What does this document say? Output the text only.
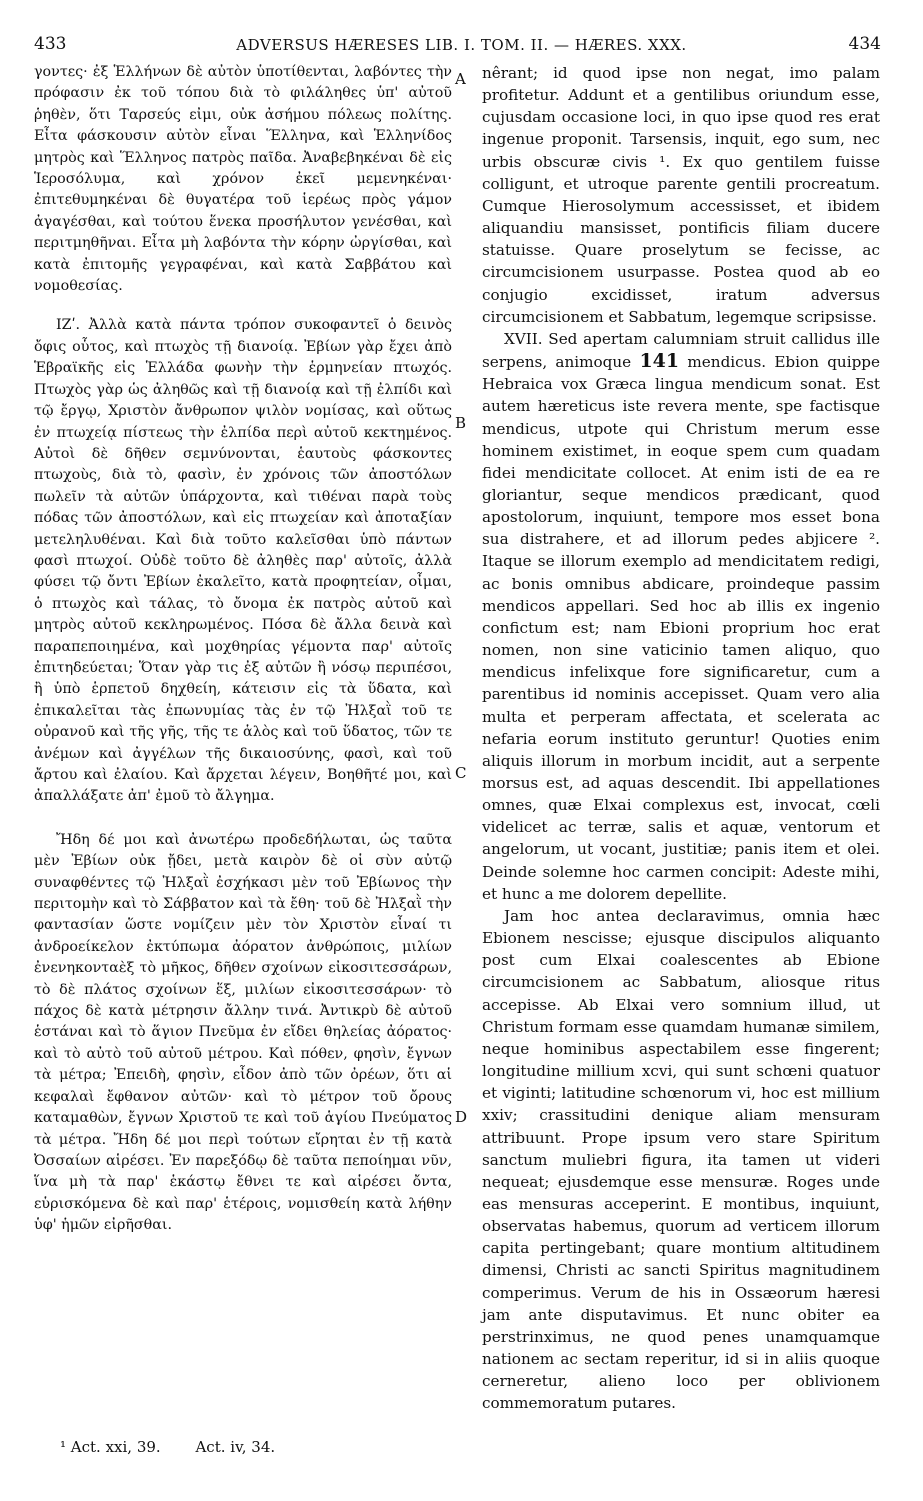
433	ADVERSUS HÆRESES LIB. I. TOM. II. — HÆRES. XXX.	434

γοντες· ἐξ Ἑλλήνων δὲ αὐτὸν ὑποτίθενται, λαβόντες τὴν πρόφασιν ἐκ τοῦ τόπου διὰ τὸ φιλάληθες ὑπ' αὐτοῦ ῥηθὲν, ὅτι Ταρσεύς εἰμι, οὐκ ἀσήμου πόλεως πολίτης. Εἶτα φάσκουσιν αὐτὸν εἶναι Ἕλληνα, καὶ Ἑλληνίδος μητρὸς καὶ Ἕλληνος πατρὸς παῖδα. Ἀναβεβηκέναι δὲ εἰς Ἱεροσόλυμα, καὶ χρόνον ἐκεῖ μεμενηκέναι· ἐπιτεθυμηκέναι δὲ θυγατέρα τοῦ ἱερέως πρὸς γάμον ἀγαγέσθαι, καὶ τούτου ἕνεκα προσήλυτον γενέσθαι, καὶ περιτμηθῆναι. Εἶτα μὴ λαβόντα τὴν κόρην ὠργίσθαι, καὶ κατὰ ἐπιτομῆς γεγραφέναι, καὶ κατὰ Σαββάτου καὶ νομοθεσίας.

ΙΖʹ. Ἀλλὰ κατὰ πάντα τρόπον συκοφαντεῖ ὁ δεινὸς ὄφις οὗτος, καὶ πτωχὸς τῇ διανοίᾳ. Ἐβίων γὰρ ἔχει ἀπὸ Ἑβραϊκῆς εἰς Ἑλλάδα φωνὴν τὴν ἑρμηνείαν πτωχός. Πτωχὸς γὰρ ὡς ἀληθῶς καὶ τῇ διανοίᾳ καὶ τῇ ἐλπίδι καὶ τῷ ἔργῳ, Χριστὸν ἄνθρωπον ψιλὸν νομίσας, καὶ οὕτως ἐν πτωχείᾳ πίστεως τὴν ἐλπίδα περὶ αὐτοῦ κεκτημένος. Αὐτοὶ δὲ δῆθεν σεμνύνονται, ἑαυτοὺς φάσκοντες πτωχοὺς, διὰ τὸ, φασὶν, ἐν χρόνοις τῶν ἀποστόλων πωλεῖν τὰ αὐτῶν ὑπάρχοντα, καὶ τιθέναι παρὰ τοὺς πόδας τῶν ἀποστόλων, καὶ εἰς πτωχείαν καὶ ἀποταξίαν μετεληλυθέναι. Καὶ διὰ τοῦτο καλεῖσθαι ὑπὸ πάντων φασὶ πτωχοί. Οὐδὲ τοῦτο δὲ ἀληθὲς παρ' αὐτοῖς, ἀλλὰ φύσει τῷ ὄντι Ἐβίων ἐκαλεῖτο, κατὰ προφητείαν, οἶμαι, ὁ πτωχὸς καὶ τάλας, τὸ ὄνομα ἐκ πατρὸς αὐτοῦ καὶ μητρὸς αὐτοῦ κεκληρωμένος. Πόσα δὲ ἄλλα δεινὰ καὶ παραπεποιημένα, καὶ μοχθηρίας γέμοντα παρ' αὐτοῖς ἐπιτηδεύεται; Ὅταν γὰρ τις ἐξ αὐτῶν ἢ νόσῳ περιπέσοι, ἢ ὑπὸ ἑρπετοῦ δηχθείη, κάτεισιν εἰς τὰ ὕδατα, καὶ ἐπικαλεῖται τὰς ἐπωνυμίας τὰς ἐν τῷ Ἠλξαῒ τοῦ τε οὐρανοῦ καὶ τῆς γῆς, τῆς τε ἁλὸς καὶ τοῦ ὕδατος, τῶν τε ἀνέμων καὶ ἀγγέλων τῆς δικαιοσύνης, φασὶ, καὶ τοῦ ἄρτου καὶ ἐλαίου. Καὶ ἄρχεται λέγειν, Βοηθῆτέ μοι, καὶ ἀπαλλάξατε ἀπ' ἐμοῦ τὸ ἄλγημα.

Ἤδη δέ μοι καὶ ἀνωτέρω προδεδήλωται, ὡς ταῦτα μὲν Ἐβίων οὐκ ᾔδει, μετὰ καιρὸν δὲ οἱ σὺν αὐτῷ συναφθέντες τῷ Ἠλξαῒ ἐσχήκασι μὲν τοῦ Ἐβίωνος τὴν περιτομὴν καὶ τὸ Σάββατον καὶ τὰ ἔθη· τοῦ δὲ Ἠλξαῒ τὴν φαντασίαν ὥστε νομίζειν μὲν τὸν Χριστὸν εἶναί τι ἀνδροείκελον ἐκτύπωμα ἀόρατον ἀνθρώποις, μιλίων ἐνενηκονταὲξ τὸ μῆκος, δῆθεν σχοίνων εἰκοσιτεσσάρων, τὸ δὲ πλάτος σχοίνων ἕξ, μιλίων εἰκοσιτεσσάρων· τὸ πάχος δὲ κατὰ μέτρησιν ἄλλην τινά. Ἀντικρὺ δὲ αὐτοῦ ἑστάναι καὶ τὸ ἅγιον Πνεῦμα ἐν εἴδει θηλείας ἀόρατος· καὶ τὸ αὐτὸ τοῦ αὐτοῦ μέτρου. Καὶ πόθεν, φησὶν, ἔγνων τὰ μέτρα; Ἐπειδὴ, φησὶν, εἶδον ἀπὸ τῶν ὀρέων, ὅτι αἱ κεφαλαὶ ἔφθανον αὐτῶν· καὶ τὸ μέτρον τοῦ ὄρους καταμαθὼν, ἔγνων Χριστοῦ τε καὶ τοῦ ἁγίου Πνεύματος τὰ μέτρα. Ἤδη δέ μοι περὶ τούτων εἴρηται ἐν τῇ κατὰ Ὀσσαίων αἱρέσει. Ἐν παρεξόδῳ δὲ ταῦτα πεποίημαι νῦν, ἵνα μὴ τὰ παρ' ἑκάστῳ ἔθνει τε καὶ αἱρέσει ὄντα, εὑρισκόμενα δὲ καὶ παρ' ἑτέροις, νομισθείη κατὰ λήθην ὑφ' ἡμῶν εἰρῆσθαι.

A
B
C
D

nêrant; id quod ipse non negat, imo palam profitetur. Addunt et a gentilibus oriundum esse, cujusdam occasione loci, in quo ipse quod res erat ingenue proponit. Tarsensis, inquit, ego sum, nec urbis obscuræ civis ¹. Ex quo gentilem fuisse colligunt, et utroque parente gentili procreatum. Cumque Hierosolymum accessisset, et ibidem aliquandiu mansisset, pontificis filiam ducere statuisse. Quare proselytum se fecisse, ac circumcisionem usurpasse. Postea quod ab eo conjugio excidisset, iratum adversus circumcisionem et Sabbatum, legemque scripsisse.

XVII. Sed apertam calumniam struit callidus ille serpens, animoque 141 mendicus. Ebion quippe Hebraica vox Græca lingua mendicum sonat. Est autem hæreticus iste revera mente, spe factisque mendicus, utpote qui Christum merum esse hominem existimet, in eoque spem cum quadam fidei mendicitate collocet. At enim isti de ea re gloriantur, seque mendicos prædicant, quod apostolorum, inquiunt, tempore mos esset bona sua distrahere, et ad illorum pedes abjicere ². Itaque se illorum exemplo ad mendicitatem redigi, ac bonis omnibus abdicare, proindeque passim mendicos appellari. Sed hoc ab illis ex ingenio confictum est; nam Ebioni proprium hoc erat nomen, non sine vaticinio tamen aliquo, quo mendicus infelixque fore significaretur, cum a parentibus id nominis accepisset. Quam vero alia multa et perperam affectata, et scelerata ac nefaria eorum instituto geruntur! Quoties enim aliquis illorum in morbum incidit, aut a serpente morsus est, ad aquas descendit. Ibi appellationes omnes, quæ Elxai complexus est, invocat, cœli videlicet ac terræ, salis et aquæ, ventorum et angelorum, ut vocant, justitiæ; panis item et olei. Deinde solemne hoc carmen concipit: Adeste mihi, et hunc a me dolorem depellite.

Jam hoc antea declaravimus, omnia hæc Ebionem nescisse; ejusque discipulos aliquanto post cum Elxai coalescentes ab Ebione circumcisionem ac Sabbatum, aliosque ritus accepisse. Ab Elxai vero somnium illud, ut Christum formam esse quamdam humanæ similem, neque hominibus aspectabilem esse fingerent; longitudine millium xcvi, qui sunt schœni quatuor et viginti; latitudine schœnorum vi, hoc est millium xxiv; crassitudini denique aliam mensuram attribuunt. Prope ipsum vero stare Spiritum sanctum muliebri figura, ita tamen ut videri nequeat; ejusdemque esse mensuræ. Roges unde eas mensuras acceperint. E montibus, inquiunt, observatas habemus, quorum ad verticem illorum capita pertingebant; quare montium altitudinem dimensi, Christi ac sancti Spiritus magnitudinem comperimus. Verum de his in Ossæorum hæresi jam ante disputavimus. Et nunc obiter ea perstrinximus, ne quod penes unamquamque nationem ac sectam reperitur, id si in aliis quoque cerneretur, alieno loco per oblivionem commemoratum putares.

¹ Act. xxi, 39. Act. iv, 34.
